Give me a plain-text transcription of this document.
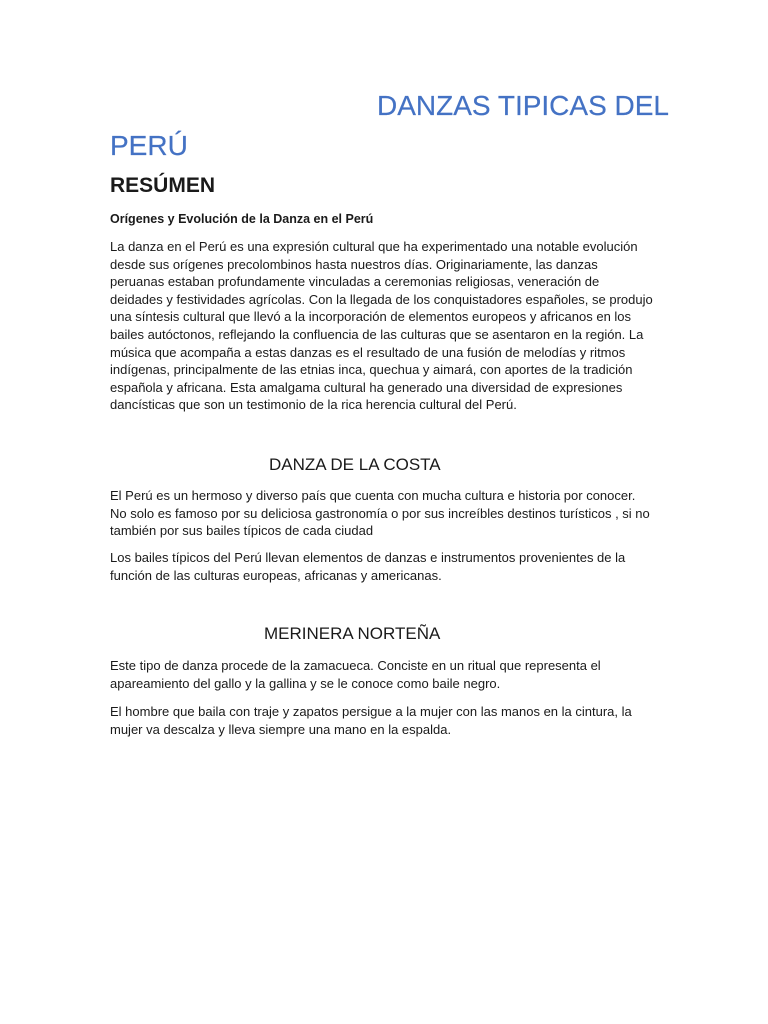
DANZAS TIPICAS DEL
PERÚ
RESÚMEN
Orígenes y Evolución de la Danza en el Perú

La danza en el Perú es una expresión cultural que ha experimentado una notable evolución desde sus orígenes precolombinos hasta nuestros días. Originariamente, las danzas peruanas estaban profundamente vinculadas a ceremonias religiosas, veneración de deidades y festividades agrícolas. Con la llegada de los conquistadores españoles, se produjo una síntesis cultural que llevó a la incorporación de elementos europeos y africanos en los bailes autóctonos, reflejando la confluencia de las culturas que se asentaron en la región. La música que acompaña a estas danzas es el resultado de una fusión de melodías y ritmos indígenas, principalmente de las etnias inca, quechua y aimará, con aportes de la tradición española y africana. Esta amalgama cultural ha generado una diversidad de expresiones dancísticas que son un testimonio de la rica herencia cultural del Perú.

DANZA DE LA COSTA

El Perú es un hermoso y diverso país que cuenta con mucha cultura e historia por conocer. No solo es famoso por su deliciosa gastronomía o por sus increíbles destinos turísticos , si no también por sus bailes típicos de cada ciudad

Los bailes típicos del Perú llevan elementos de danzas e instrumentos provenientes de la función de las culturas europeas, africanas y americanas.

MERINERA NORTEÑA

Este tipo de danza procede de la zamacueca. Conciste en un ritual que representa el apareamiento del gallo y la gallina y se le conoce como baile negro.

El hombre que baila con traje y zapatos persigue a la mujer con las manos en la cintura, la mujer va descalza y lleva siempre una mano en la espalda.
